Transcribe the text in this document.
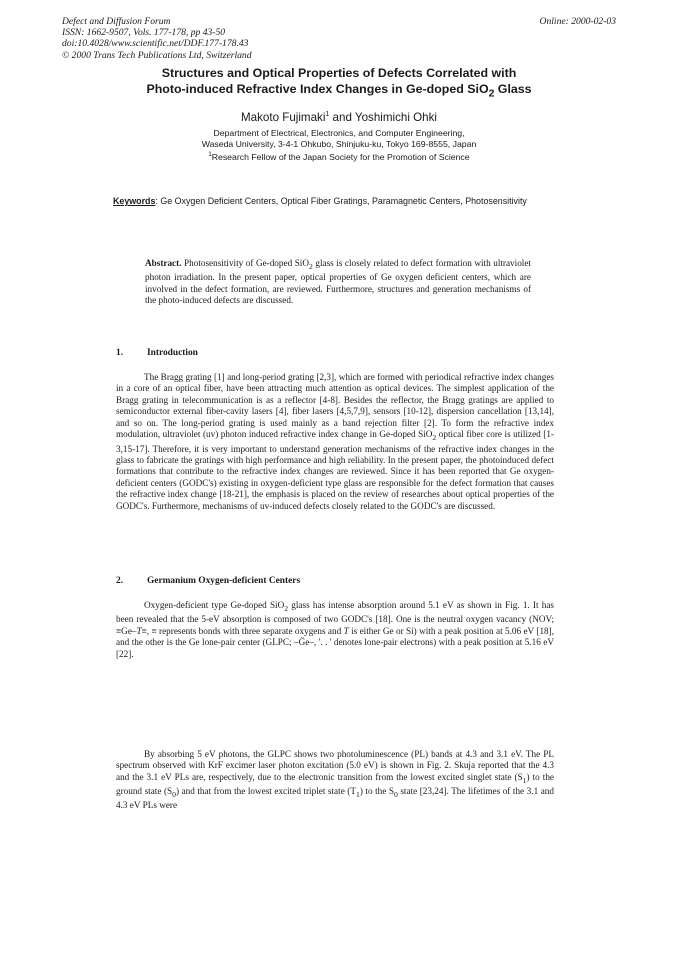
Defect and Diffusion Forum
ISSN: 1662-9507, Vols. 177-178, pp 43-50
doi:10.4028/www.scientific.net/DDF.177-178.43
© 2000 Trans Tech Publications Ltd, Switzerland
Online: 2000-02-03
Structures and Optical Properties of Defects Correlated with
Photo-induced Refractive Index Changes in Ge-doped SiO$_2$ Glass
Makoto Fujimaki$^1$ and Yoshimichi Ohki
Department of Electrical, Electronics, and Computer Engineering,
Waseda University, 3-4-1 Ohkubo, Shinjuku-ku, Tokyo 169-8555, Japan
$^1$Research Fellow of the Japan Society for the Promotion of Science
Keywords: Ge Oxygen Deficient Centers, Optical Fiber Gratings, Paramagnetic Centers, Photosensitivity
Abstract. Photosensitivity of Ge-doped SiO$_2$ glass is closely related to defect formation with ultraviolet photon irradiation. In the present paper, optical properties of Ge oxygen deficient centers, which are involved in the defect formation, are reviewed. Furthermore, structures and generation mechanisms of the photo-induced defects are discussed.
1.	Introduction
The Bragg grating [1] and long-period grating [2,3], which are formed with periodical refractive index changes in a core of an optical fiber, have been attracting much attention as optical devices. The simplest application of the Bragg grating in telecommunication is as a reflector [4-8]. Besides the reflector, the Bragg gratings are applied to semiconductor external fiber-cavity lasers [4], fiber lasers [4,5,7,9], sensors [10-12], dispersion cancellation [13,14], and so on. The long-period grating is used mainly as a band rejection filter [2]. To form the refractive index modulation, ultraviolet (uv) photon induced refractive index change in Ge-doped SiO$_2$ optical fiber core is utilized [1-3,15-17]. Therefore, it is very important to understand generation mechanisms of the refractive index changes in the glass to fabricate the gratings with high performance and high reliability. In the present paper, the photoinduced defect formations that contribute to the refractive index changes are reviewed. Since it has been reported that Ge oxygen-deficient centers (GODC's) existing in oxygen-deficient type glass are responsible for the defect formation that causes the refractive index change [18-21], the emphasis is placed on the review of researches about optical properties of the GODC's. Furthermore, mechanisms of uv-induced defects closely related to the GODC's are discussed.
2.	Germanium Oxygen-deficient Centers
Oxygen-deficient type Ge-doped SiO$_2$ glass has intense absorption around 5.1 eV as shown in Fig. 1. It has been revealed that the 5-eV absorption is composed of two GODC's [18]. One is the neutral oxygen vacancy (NOV; ≡Ge–T≡, ≡ represents bonds with three separate oxygens and T is either Ge or Si) with a peak position at 5.06 eV [18], and the other is the Ge lone-pair center (GLPC; –G̈e–, '. . ' denotes lone-pair electrons) with a peak position at 5.16 eV [22].
By absorbing 5 eV photons, the GLPC shows two photoluminescence (PL) bands at 4.3 and 3.1 eV. The PL spectrum observed with KrF excimer laser photon excitation (5.0 eV) is shown in Fig. 2. Skuja reported that the 4.3 and the 3.1 eV PLs are, respectively, due to the electronic transition from the lowest excited singlet state $(S_1)$ to the ground state $(S_0)$ and that from the lowest excited triplet state $(T_1)$ to the $S_0$ state [23,24]. The lifetimes of the 3.1 and 4.3 eV PLs were
